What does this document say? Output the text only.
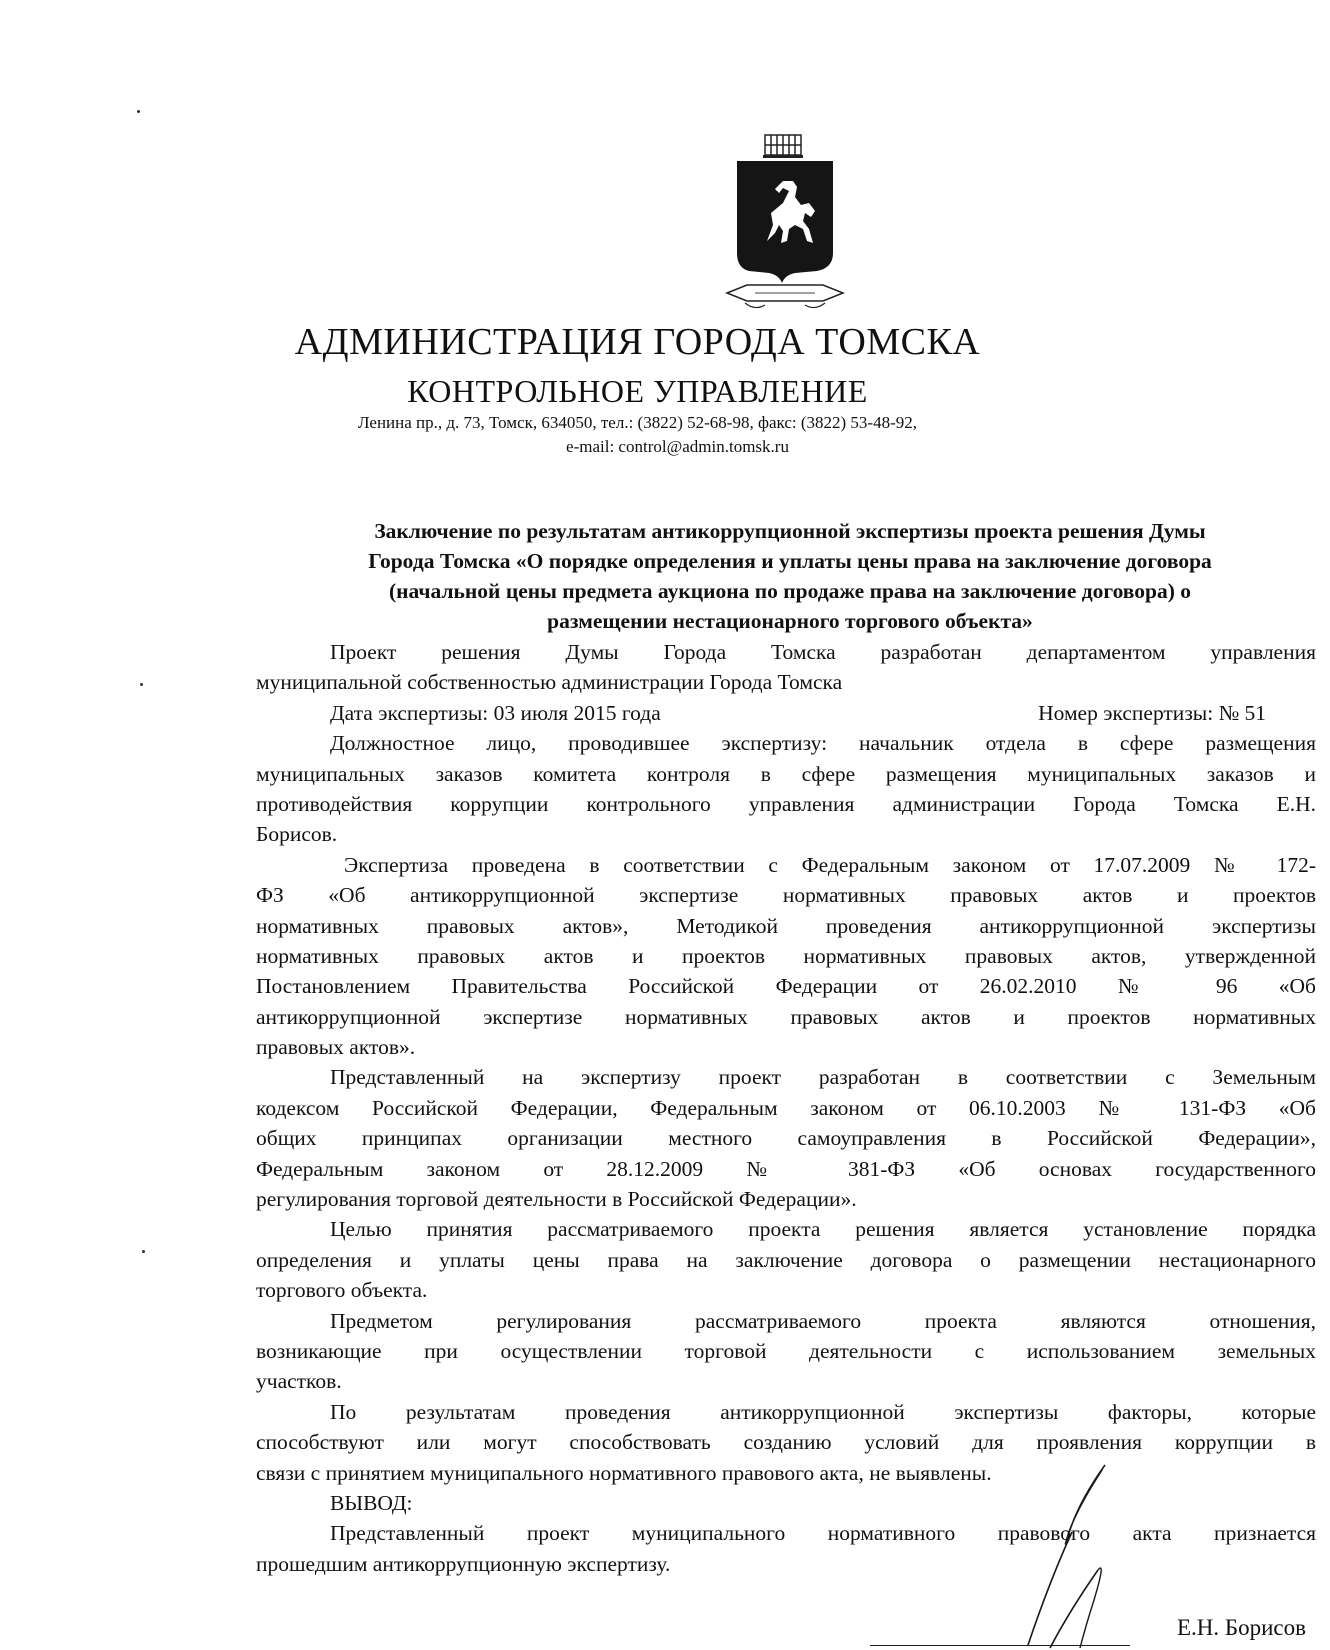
АДМИНИСТРАЦИЯ ГОРОДА ТОМСКА
КОНТРОЛЬНОЕ УПРАВЛЕНИЕ
Ленина пр., д. 73, Томск, 634050, тел.: (3822) 52-68-98, факс: (3822) 53-48-92,
e-mail: control@admin.tomsk.ru
Заключение по результатам антикоррупционной экспертизы проекта решения Думы
Города Томска «О порядке определения и уплаты цены права на заключение договора
(начальной цены предмета аукциона по продаже права на заключение договора) о
размещении нестационарного торгового объекта»
Проект решения Думы Города Томска разработан департаментом управления
муниципальной собственностью администрации Города Томска
Дата экспертизы: 03 июля 2015 года	Номер экспертизы: № 51
Должностное лицо, проводившее экспертизу: начальник отдела в сфере размещения
муниципальных заказов комитета контроля в сфере размещения муниципальных заказов и
противодействия коррупции контрольного управления администрации Города Томска Е.Н.
Борисов.
Экспертиза проведена в соответствии с Федеральным законом от 17.07.2009 № 172-
ФЗ «Об антикоррупционной экспертизе нормативных правовых актов и проектов
нормативных правовых актов», Методикой проведения антикоррупционной экспертизы
нормативных правовых актов и проектов нормативных правовых актов, утвержденной
Постановлением Правительства Российской Федерации от 26.02.2010 № 96 «Об
антикоррупционной экспертизе нормативных правовых актов и проектов нормативных
правовых актов».
Представленный на экспертизу проект разработан в соответствии с Земельным
кодексом Российской Федерации, Федеральным законом от 06.10.2003 № 131-ФЗ «Об
общих принципах организации местного самоуправления в Российской Федерации»,
Федеральным законом от 28.12.2009 № 381-ФЗ «Об основах государственного
регулирования торговой деятельности в Российской Федерации».
Целью принятия рассматриваемого проекта решения является установление порядка
определения и уплаты цены права на заключение договора о размещении нестационарного
торгового объекта.
Предметом регулирования рассматриваемого проекта являются отношения,
возникающие при осуществлении торговой деятельности с использованием земельных
участков.
По результатам проведения антикоррупционной экспертизы факторы, которые
способствуют или могут способствовать созданию условий для проявления коррупции в
связи с принятием муниципального нормативного правового акта, не выявлены.
ВЫВОД:
Представленный проект муниципального нормативного правового акта признается
прошедшим антикоррупционную экспертизу.
Е.Н. Борисов
